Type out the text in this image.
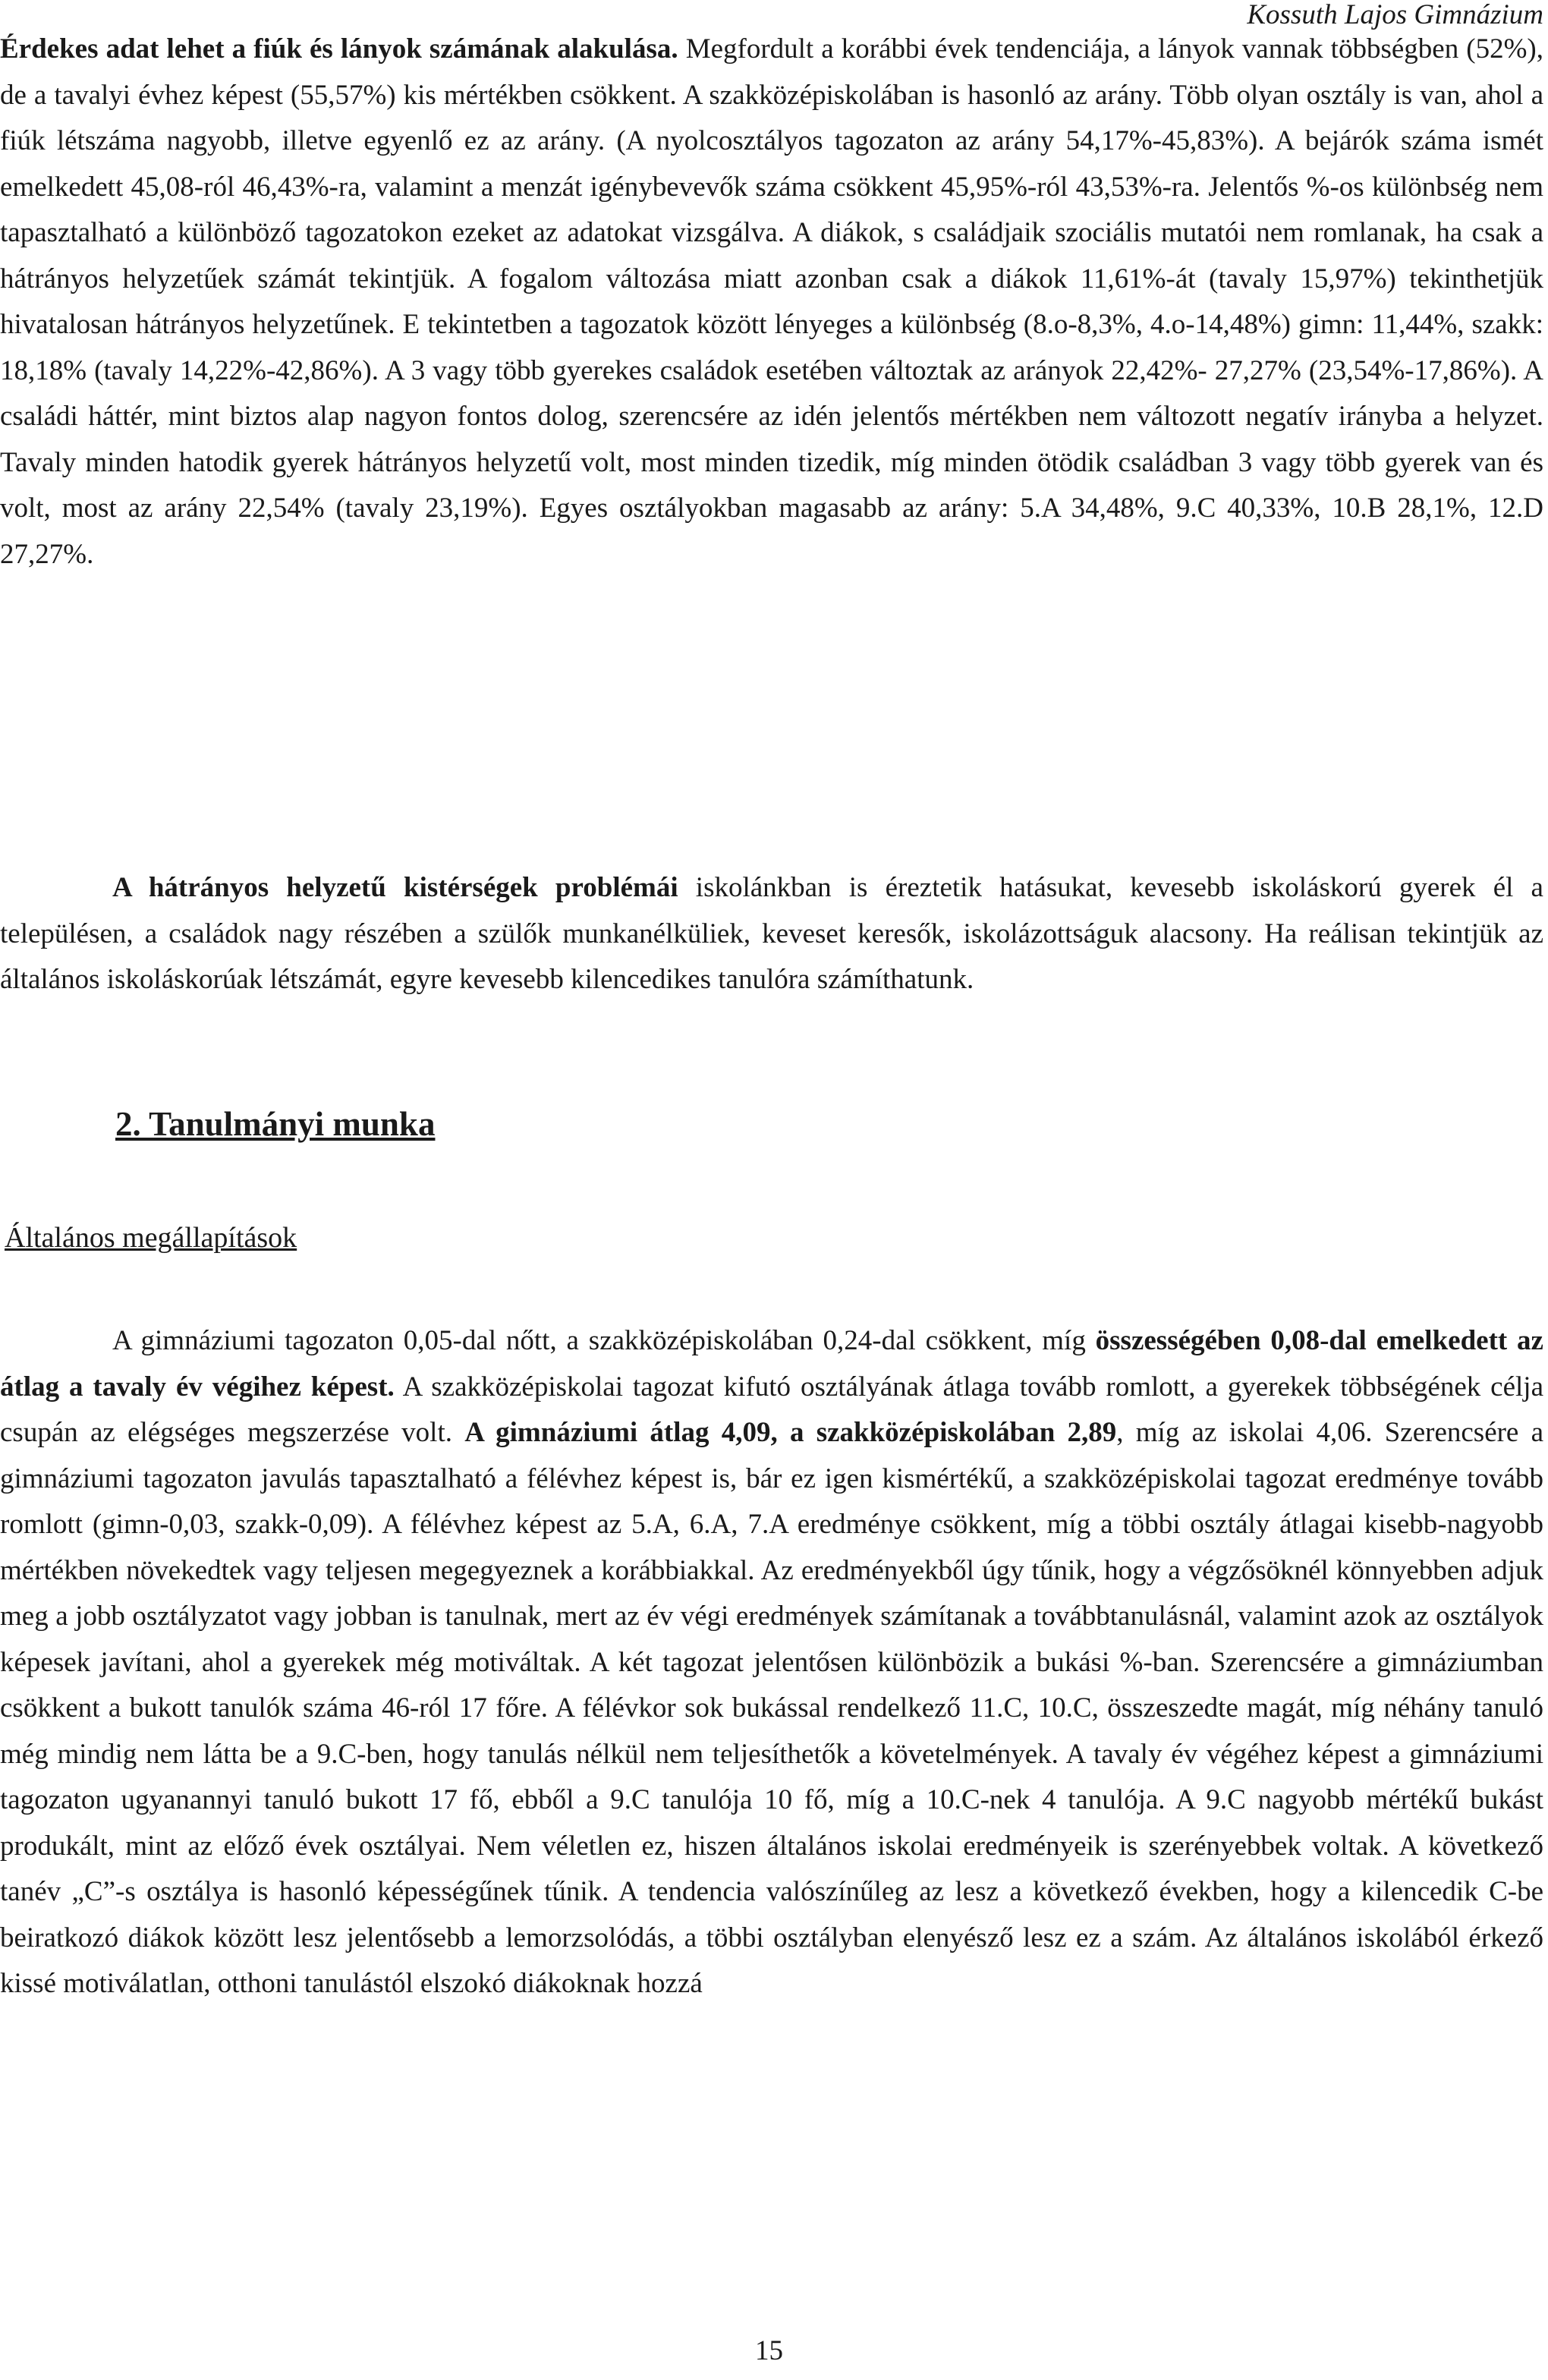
Kossuth Lajos Gimnázium

Érdekes adat lehet a fiúk és lányok számának alakulása. Megfordult a korábbi évek tendenciája, a lányok vannak többségben (52%), de a tavalyi évhez képest (55,57%) kis mértékben csökkent. A szakközépiskolában is hasonló az arány. Több olyan osztály is van, ahol a fiúk létszáma nagyobb, illetve egyenlő ez az arány. (A nyolcosztályos tagozaton az arány 54,17%-45,83%). A bejárók száma ismét emelkedett 45,08-ról 46,43%-ra, valamint a menzát igénybevevők száma csökkent 45,95%-ról 43,53%-ra. Jelentős %-os különbség nem tapasztalható a különböző tagozatokon ezeket az adatokat vizsgálva. A diákok, s családjaik szociális mutatói nem romlanak, ha csak a hátrányos helyzetűek számát tekintjük. A fogalom változása miatt azonban csak a diákok 11,61%-át (tavaly 15,97%) tekinthetjük hivatalosan hátrányos helyzetűnek. E tekintetben a tagozatok között lényeges a különbség (8.o-8,3%, 4.o-14,48%) gimn: 11,44%, szakk: 18,18% (tavaly 14,22%-42,86%). A 3 vagy több gyerekes családok esetében változtak az arányok 22,42%- 27,27% (23,54%-17,86%). A családi háttér, mint biztos alap nagyon fontos dolog, szerencsére az idén jelentős mértékben nem változott negatív irányba a helyzet. Tavaly minden hatodik gyerek hátrányos helyzetű volt, most minden tizedik, míg minden ötödik családban 3 vagy több gyerek van és volt, most az arány 22,54% (tavaly 23,19%). Egyes osztályokban magasabb az arány: 5.A 34,48%, 9.C 40,33%, 10.B 28,1%, 12.D 27,27%.

A hátrányos helyzetű kistérségek problémái iskolánkban is éreztetik hatásukat, kevesebb iskoláskorú gyerek él a településen, a családok nagy részében a szülők munkanélküliek, keveset keresők, iskolázottságuk alacsony. Ha reálisan tekintjük az általános iskoláskorúak létszámát, egyre kevesebb kilencedikes tanulóra számíthatunk.

2. Tanulmányi munka
Általános megállapítások

A gimnáziumi tagozaton 0,05-dal nőtt, a szakközépiskolában 0,24-dal csökkent, míg összességében 0,08-dal emelkedett az átlag a tavaly év végihez képest. A szakközépiskolai tagozat kifutó osztályának átlaga tovább romlott, a gyerekek többségének célja csupán az elégséges megszerzése volt. A gimnáziumi átlag 4,09, a szakközépiskolában 2,89, míg az iskolai 4,06. Szerencsére a gimnáziumi tagozaton javulás tapasztalható a félévhez képest is, bár ez igen kismértékű, a szakközépiskolai tagozat eredménye tovább romlott (gimn-0,03, szakk-0,09). A félévhez képest az 5.A, 6.A, 7.A eredménye csökkent, míg a többi osztály átlagai kisebb-nagyobb mértékben növekedtek vagy teljesen megegyeznek a korábbiakkal. Az eredményekből úgy tűnik, hogy a végzősöknél könnyebben adjuk meg a jobb osztályzatot vagy jobban is tanulnak, mert az év végi eredmények számítanak a továbbtanulásnál, valamint azok az osztályok képesek javítani, ahol a gyerekek még motiváltak. A két tagozat jelentősen különbözik a bukási %-ban. Szerencsére a gimnáziumban csökkent a bukott tanulók száma 46-ról 17 főre. A félévkor sok bukással rendelkező 11.C, 10.C, összeszedte magát, míg néhány tanuló még mindig nem látta be a 9.C-ben, hogy tanulás nélkül nem teljesíthetők a követelmények. A tavaly év végéhez képest a gimnáziumi tagozaton ugyanannyi tanuló bukott 17 fő, ebből a 9.C tanulója 10 fő, míg a 10.C-nek 4 tanulója. A 9.C nagyobb mértékű bukást produkált, mint az előző évek osztályai. Nem véletlen ez, hiszen általános iskolai eredményeik is szerényebbek voltak. A következő tanév „C”-s osztálya is hasonló képességűnek tűnik. A tendencia valószínűleg az lesz a következő években, hogy a kilencedik C-be beiratkozó diákok között lesz jelentősebb a lemorzsolódás, a többi osztályban elenyésző lesz ez a szám. Az általános iskolából érkező kissé motiválatlan, otthoni tanulástól elszokó diákoknak hozzá

15
